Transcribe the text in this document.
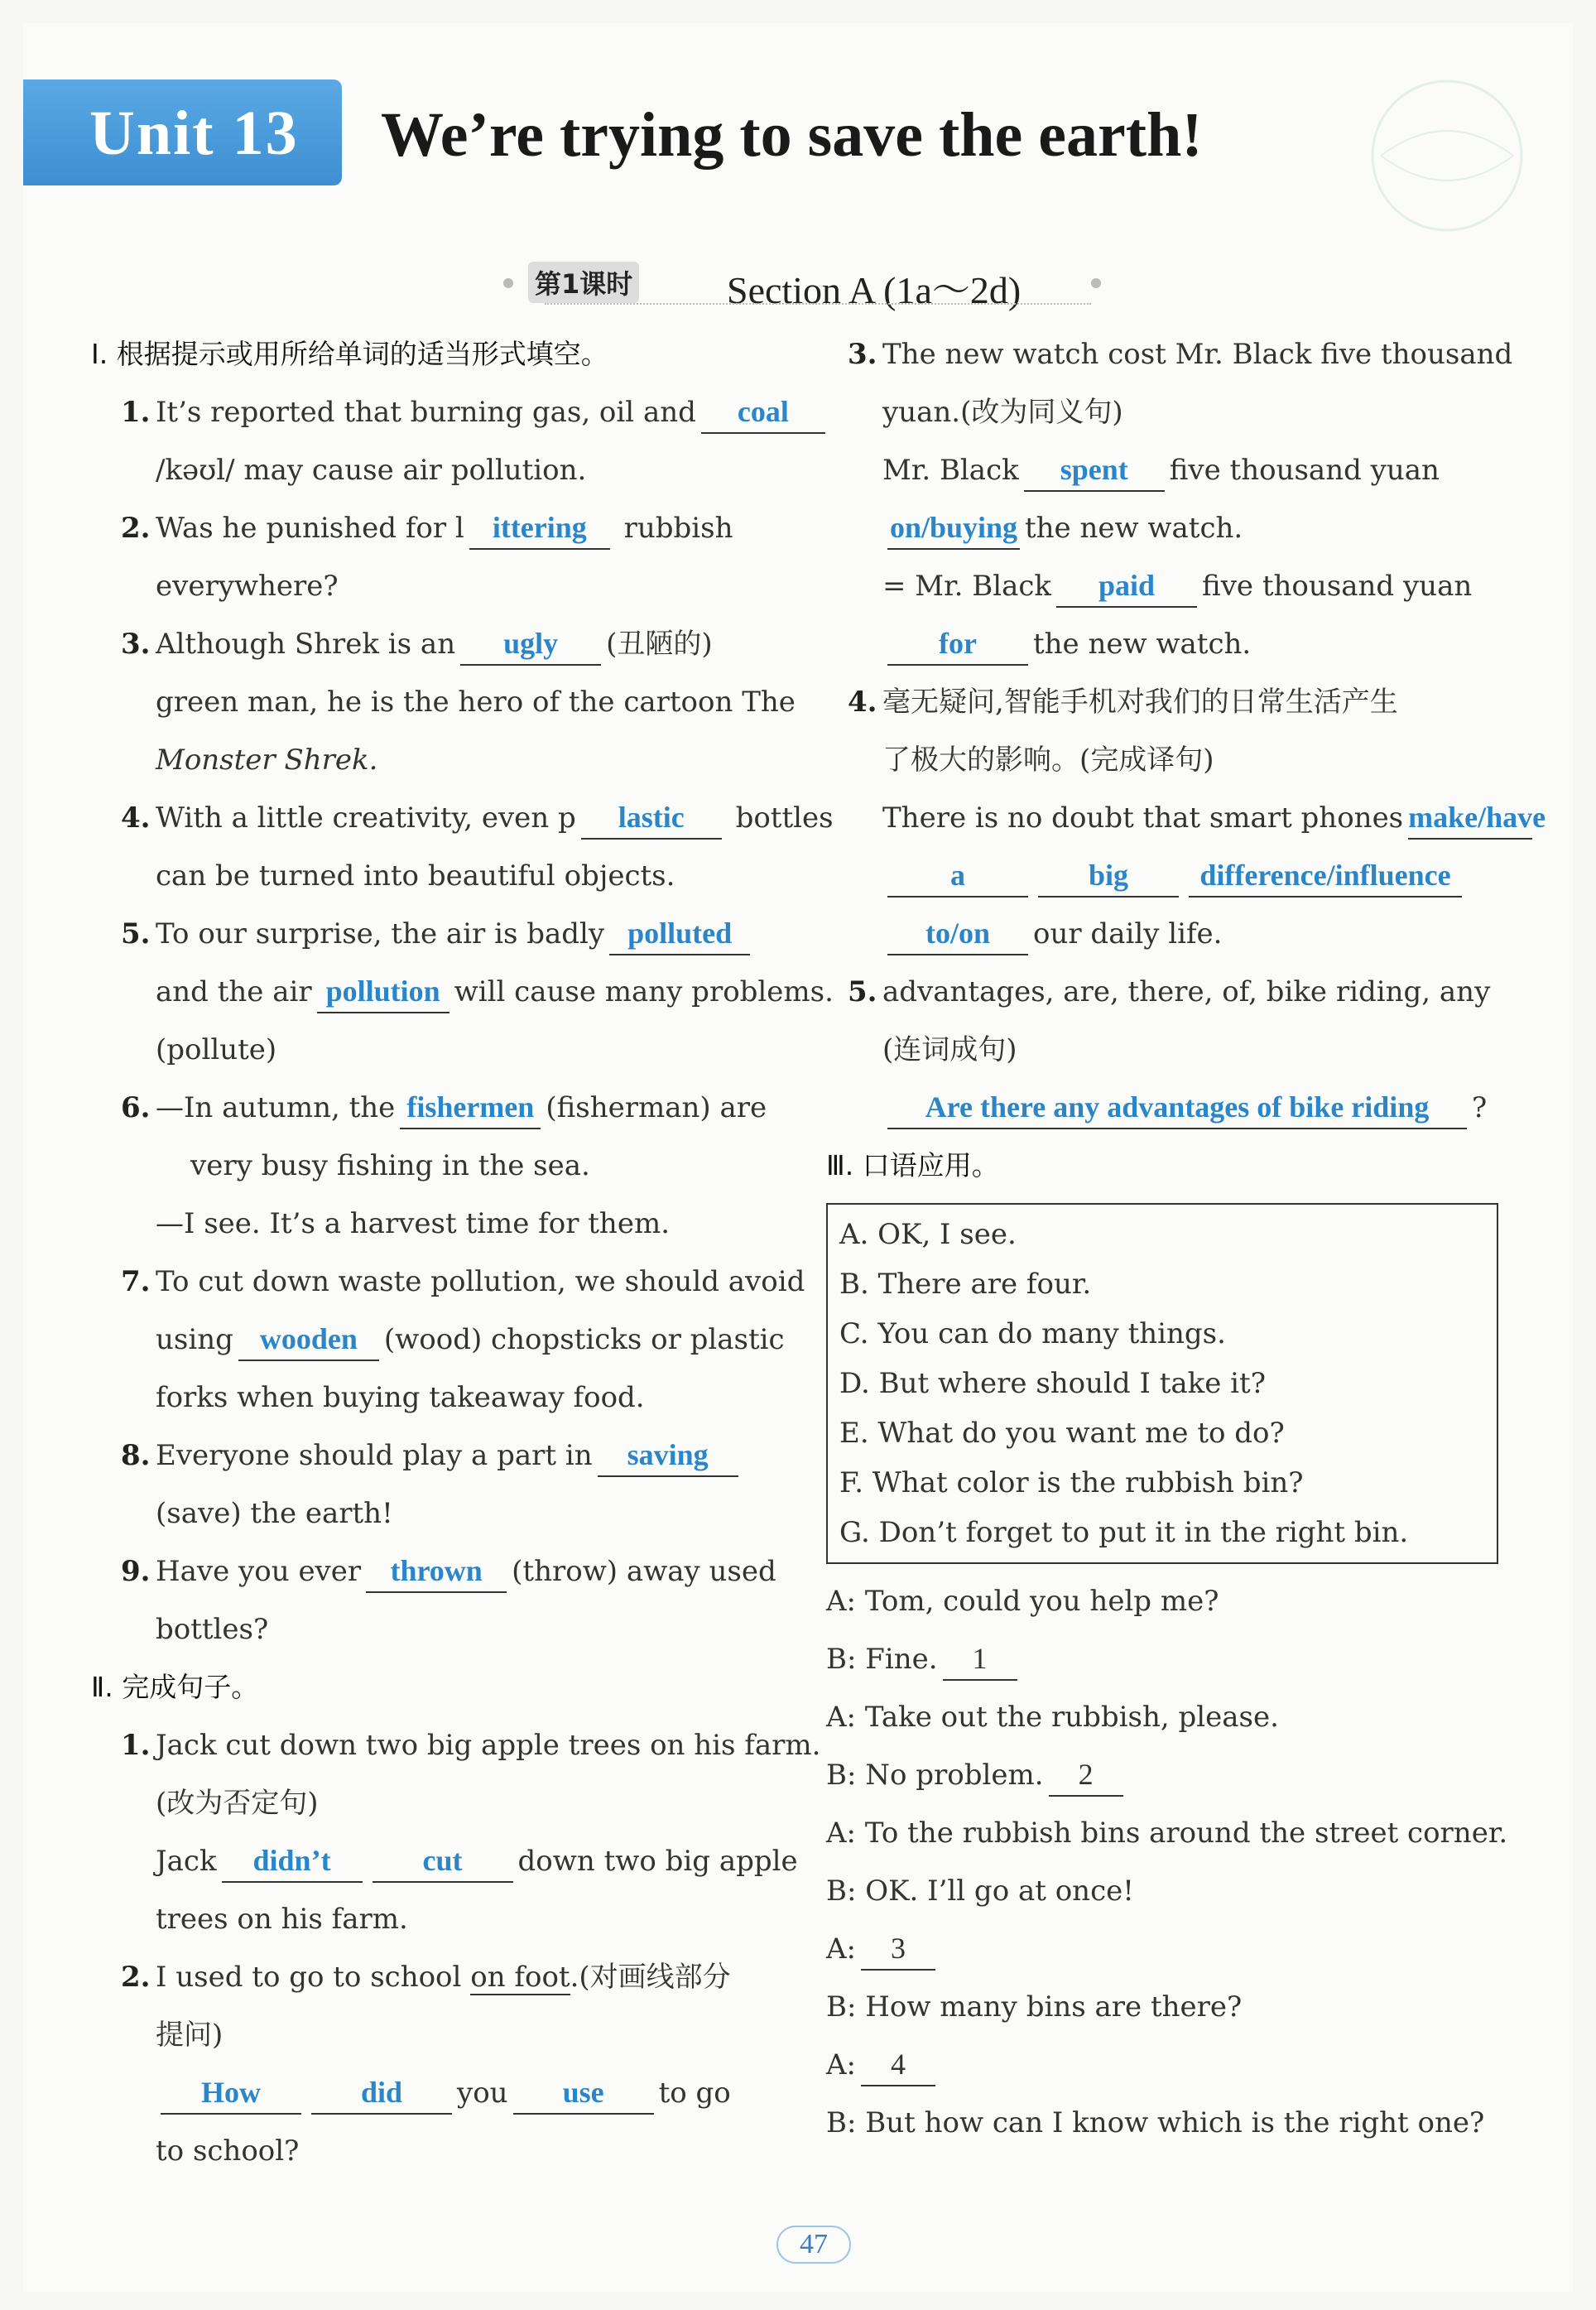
Unit 13 We’re trying to save the earth!
第1课时 Section A (1a～2d)
Ⅰ. 根据提示或用所给单词的适当形式填空。
1. It’s reported that burning gas, oil and coal
/kəʊl/ may cause air pollution.
2. Was he punished for l ittering rubbish
everywhere?
3. Although Shrek is an ugly (丑陋的)
green man, he is the hero of the cartoon The
Monster Shrek.
4. With a little creativity, even p lastic bottles
can be turned into beautiful objects.
5. To our surprise, the air is badly polluted
and the air pollution will cause many problems.
(pollute)
6. —In autumn, the fishermen (fisherman) are
very busy fishing in the sea.
—I see. It’s a harvest time for them.
7. To cut down waste pollution, we should avoid
using wooden (wood) chopsticks or plastic
forks when buying takeaway food.
8. Everyone should play a part in saving
(save) the earth!
9. Have you ever thrown (throw) away used
bottles?
Ⅱ. 完成句子。
1. Jack cut down two big apple trees on his farm.
(改为否定句)
Jack didn’t	cut down two big apple
trees on his farm.
2. I used to go to school on foot.(对画线部分
提问)
How	did you use to go
to school?
3. The new watch cost Mr. Black five thousand
yuan.(改为同义句)
Mr. Black spent five thousand yuan
on/buying the new watch.
= Mr. Black paid five thousand yuan
for the new watch.
4. 毫无疑问,智能手机对我们的日常生活产生
了极大的影响。(完成译句)
There is no doubt that smart phones make/have
a	big difference/influence
to/on our daily life.
5. advantages, are, there, of, bike riding, any
(连词成句)
Are there any advantages of bike riding ?
Ⅲ. 口语应用。
A. OK, I see.
B. There are four.
C. You can do many things.
D. But where should I take it?
E. What do you want me to do?
F. What color is the rubbish bin?
G. Don’t forget to put it in the right bin.
A: Tom, could you help me?
B: Fine. 1
A: Take out the rubbish, please.
B: No problem. 2
A: To the rubbish bins around the street corner.
B: OK. I’ll go at once!
A: 3
B: How many bins are there?
A: 4
B: But how can I know which is the right one?
47
